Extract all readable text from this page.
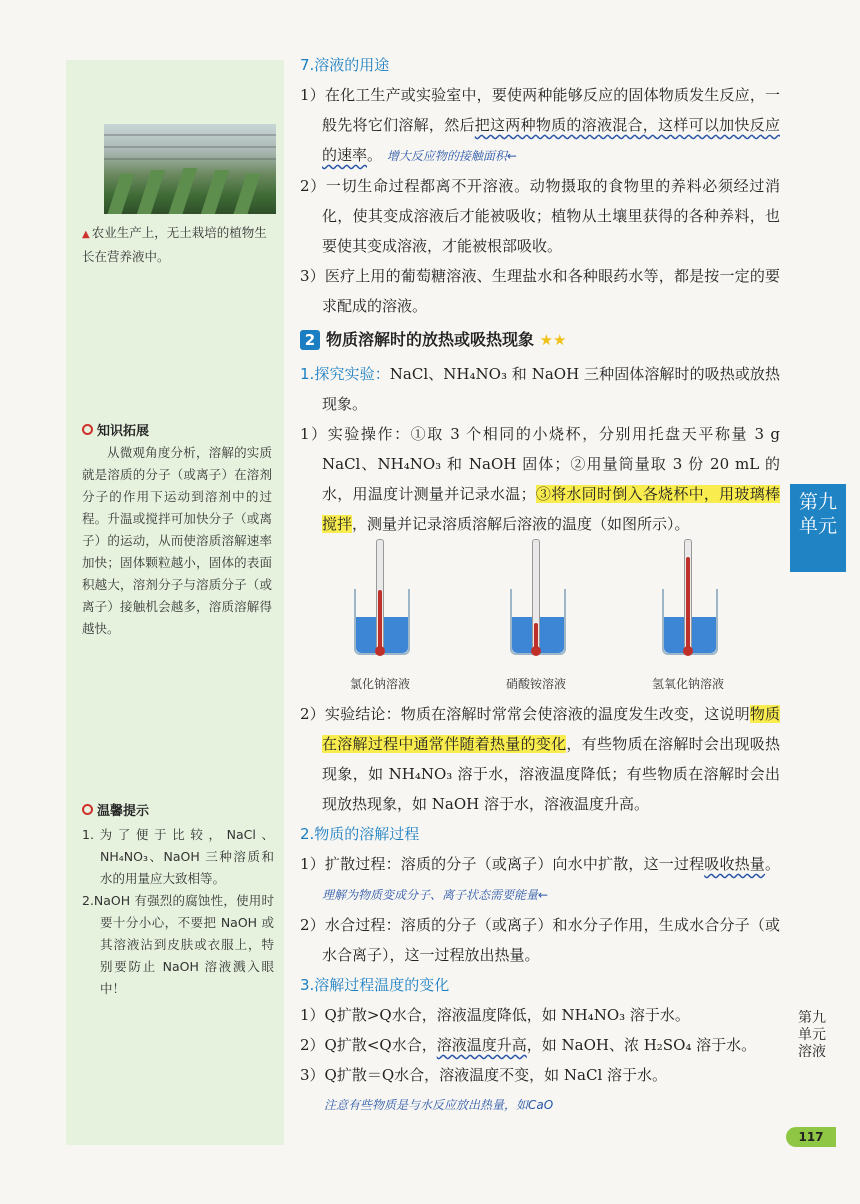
▲ 农业生产上，无土栽培的植物生长在营养液中。
知识拓展
从微观角度分析，溶解的实质就是溶质的分子（或离子）在溶剂分子的作用下运动到溶剂中的过程。升温或搅拌可加快分子（或离子）的运动，从而使溶质溶解速率加快；固体颗粒越小，固体的表面积越大，溶剂分子与溶质分子（或离子）接触机会越多，溶质溶解得越快。
温馨提示

1.为了便于比较，NaCl、NH₄NO₃、NaOH 三种溶质和水的用量应大致相等。

2.NaOH 有强烈的腐蚀性，使用时要十分小心，不要把 NaOH 或其溶液沾到皮肤或衣服上，特别要防止 NaOH 溶液溅入眼中！

7.溶液的用途
1）在化工生产或实验室中，要使两种能够反应的固体物质发生反应，一般先将它们溶解，然后把这两种物质的溶液混合，这样可以加快反应的速率。 增大反应物的接触面积←
2）一切生命过程都离不开溶液。动物摄取的食物里的养料必须经过消化，使其变成溶液后才能被吸收；植物从土壤里获得的各种养料，也要使其变成溶液，才能被根部吸收。
3）医疗上用的葡萄糖溶液、生理盐水和各种眼药水等，都是按一定的要求配成的溶液。
2 物质溶解时的放热或吸热现象 ★★
1.探究实验：NaCl、NH₄NO₃ 和 NaOH 三种固体溶解时的吸热或放热现象。
1）实验操作：①取 3 个相同的小烧杯，分别用托盘天平称量 3 g NaCl、NH₄NO₃ 和 NaOH 固体；②用量筒量取 3 份 20 mL 的水，用温度计测量并记录水温；③将水同时倒入各烧杯中，用玻璃棒搅拌，测量并记录溶质溶解后溶液的温度（如图所示）。
氯化钠溶液	硝酸铵溶液	氢氧化钠溶液
2）实验结论：物质在溶解时常常会使溶液的温度发生改变，这说明物质在溶解过程中通常伴随着热量的变化，有些物质在溶解时会出现吸热现象，如 NH₄NO₃ 溶于水，溶液温度降低；有些物质在溶解时会出现放热现象，如 NaOH 溶于水，溶液温度升高。
2.物质的溶解过程
1）扩散过程：溶质的分子（或离子）向水中扩散，这一过程吸收热量。 理解为物质变成分子、离子状态需要能量←
2）水合过程：溶质的分子（或离子）和水分子作用，生成水合分子（或水合离子），这一过程放出热量。
3.溶解过程温度的变化
1）Q扩散>Q水合，溶液温度降低，如 NH₄NO₃ 溶于水。
2）Q扩散<Q水合，溶液温度升高，如 NaOH、浓 H₂SO₄ 溶于水。
3）Q扩散＝Q水合，溶液温度不变，如 NaCl 溶于水。
注意有些物质是与水反应放出热量，如CaO
第九单元
第九单元　溶液
117
